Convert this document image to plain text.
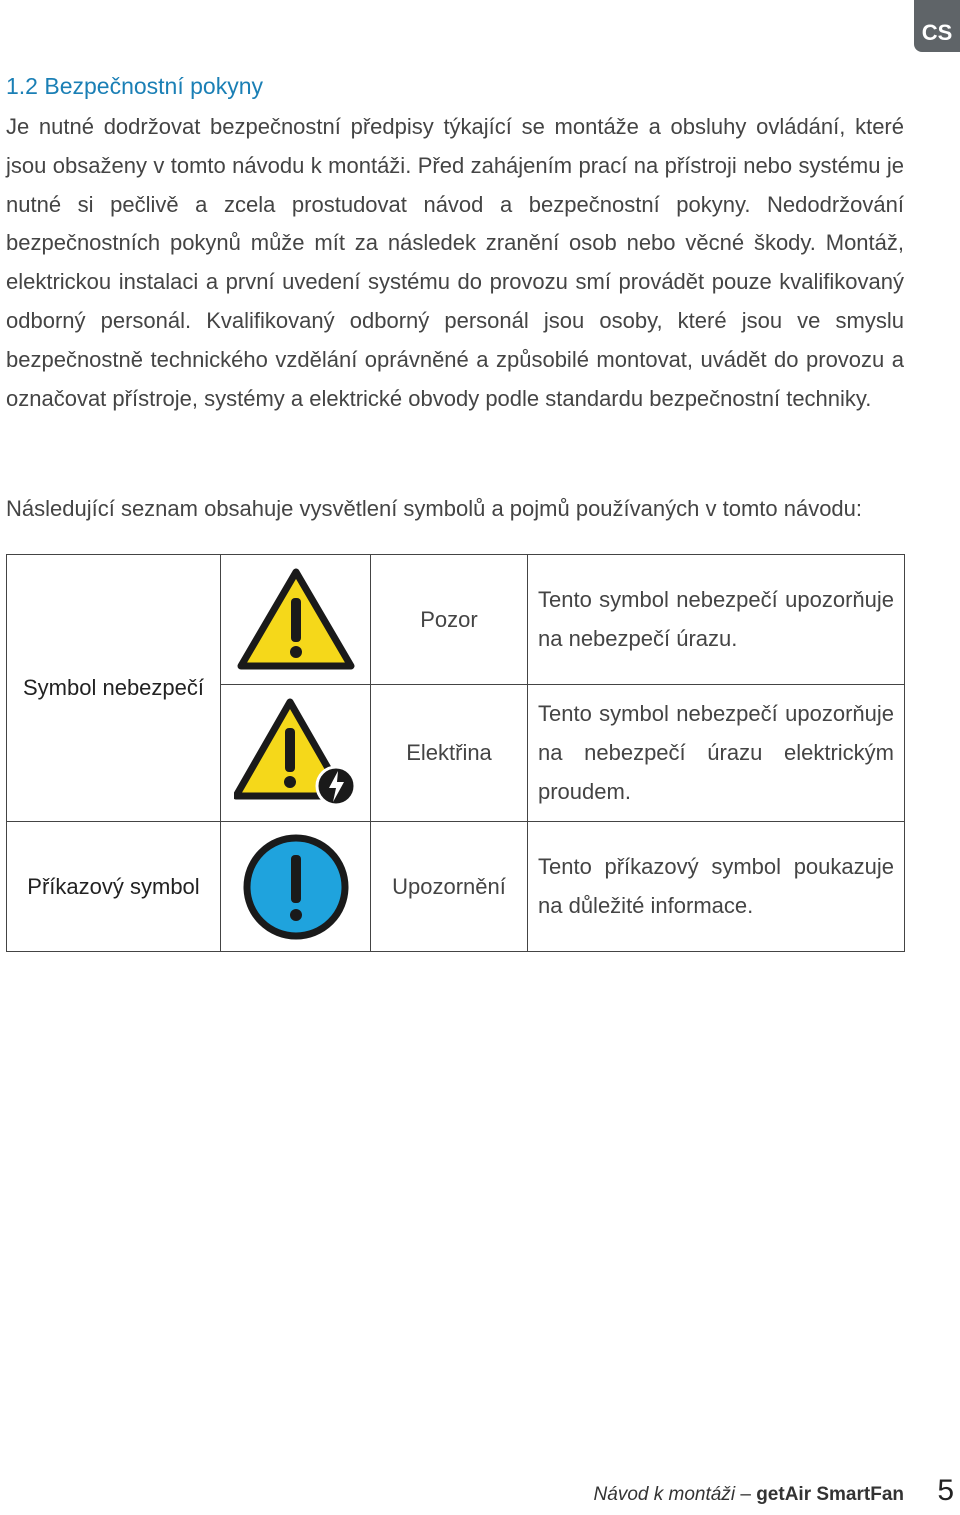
CS
1.2 Bezpečnostní pokyny

Je nutné dodržovat bezpečnostní předpisy týkající se montáže a obsluhy ovládání, které jsou obsaženy v tomto návodu k montáži. Před zahájením prací na přístroji nebo systému je nutné si pečlivě a zcela prostudovat návod a bezpečnostní pokyny. Nedodržování bezpečnostních pokynů může mít za následek zranění osob nebo věcné škody. Montáž, elektrickou instalaci a první uvedení systému do provozu smí provádět pouze kvalifikovaný odborný personál. Kvalifikovaný odborný personál jsou osoby, které jsou ve smyslu bezpečnostně technického vzdělání oprávněné a způsobilé montovat, uvádět do provozu a označovat přístroje, systémy a elektrické obvody podle standardu bezpečnostní techniky.

Následující seznam obsahuje vysvětlení symbolů a pojmů používaných v tomto návodu:

Symbol nebezpečí		Pozor	Tento symbol nebezpečí upozorňuje na nebezpečí úrazu.

	Elektřina	Tento symbol nebezpečí upozorňuje na nebezpečí úrazu elektrickým proudem.
Příkazový symbol		Upozornění	Tento příkazový symbol poukazuje na důležité informace.
Návod k montáži – getAir SmartFan 5
